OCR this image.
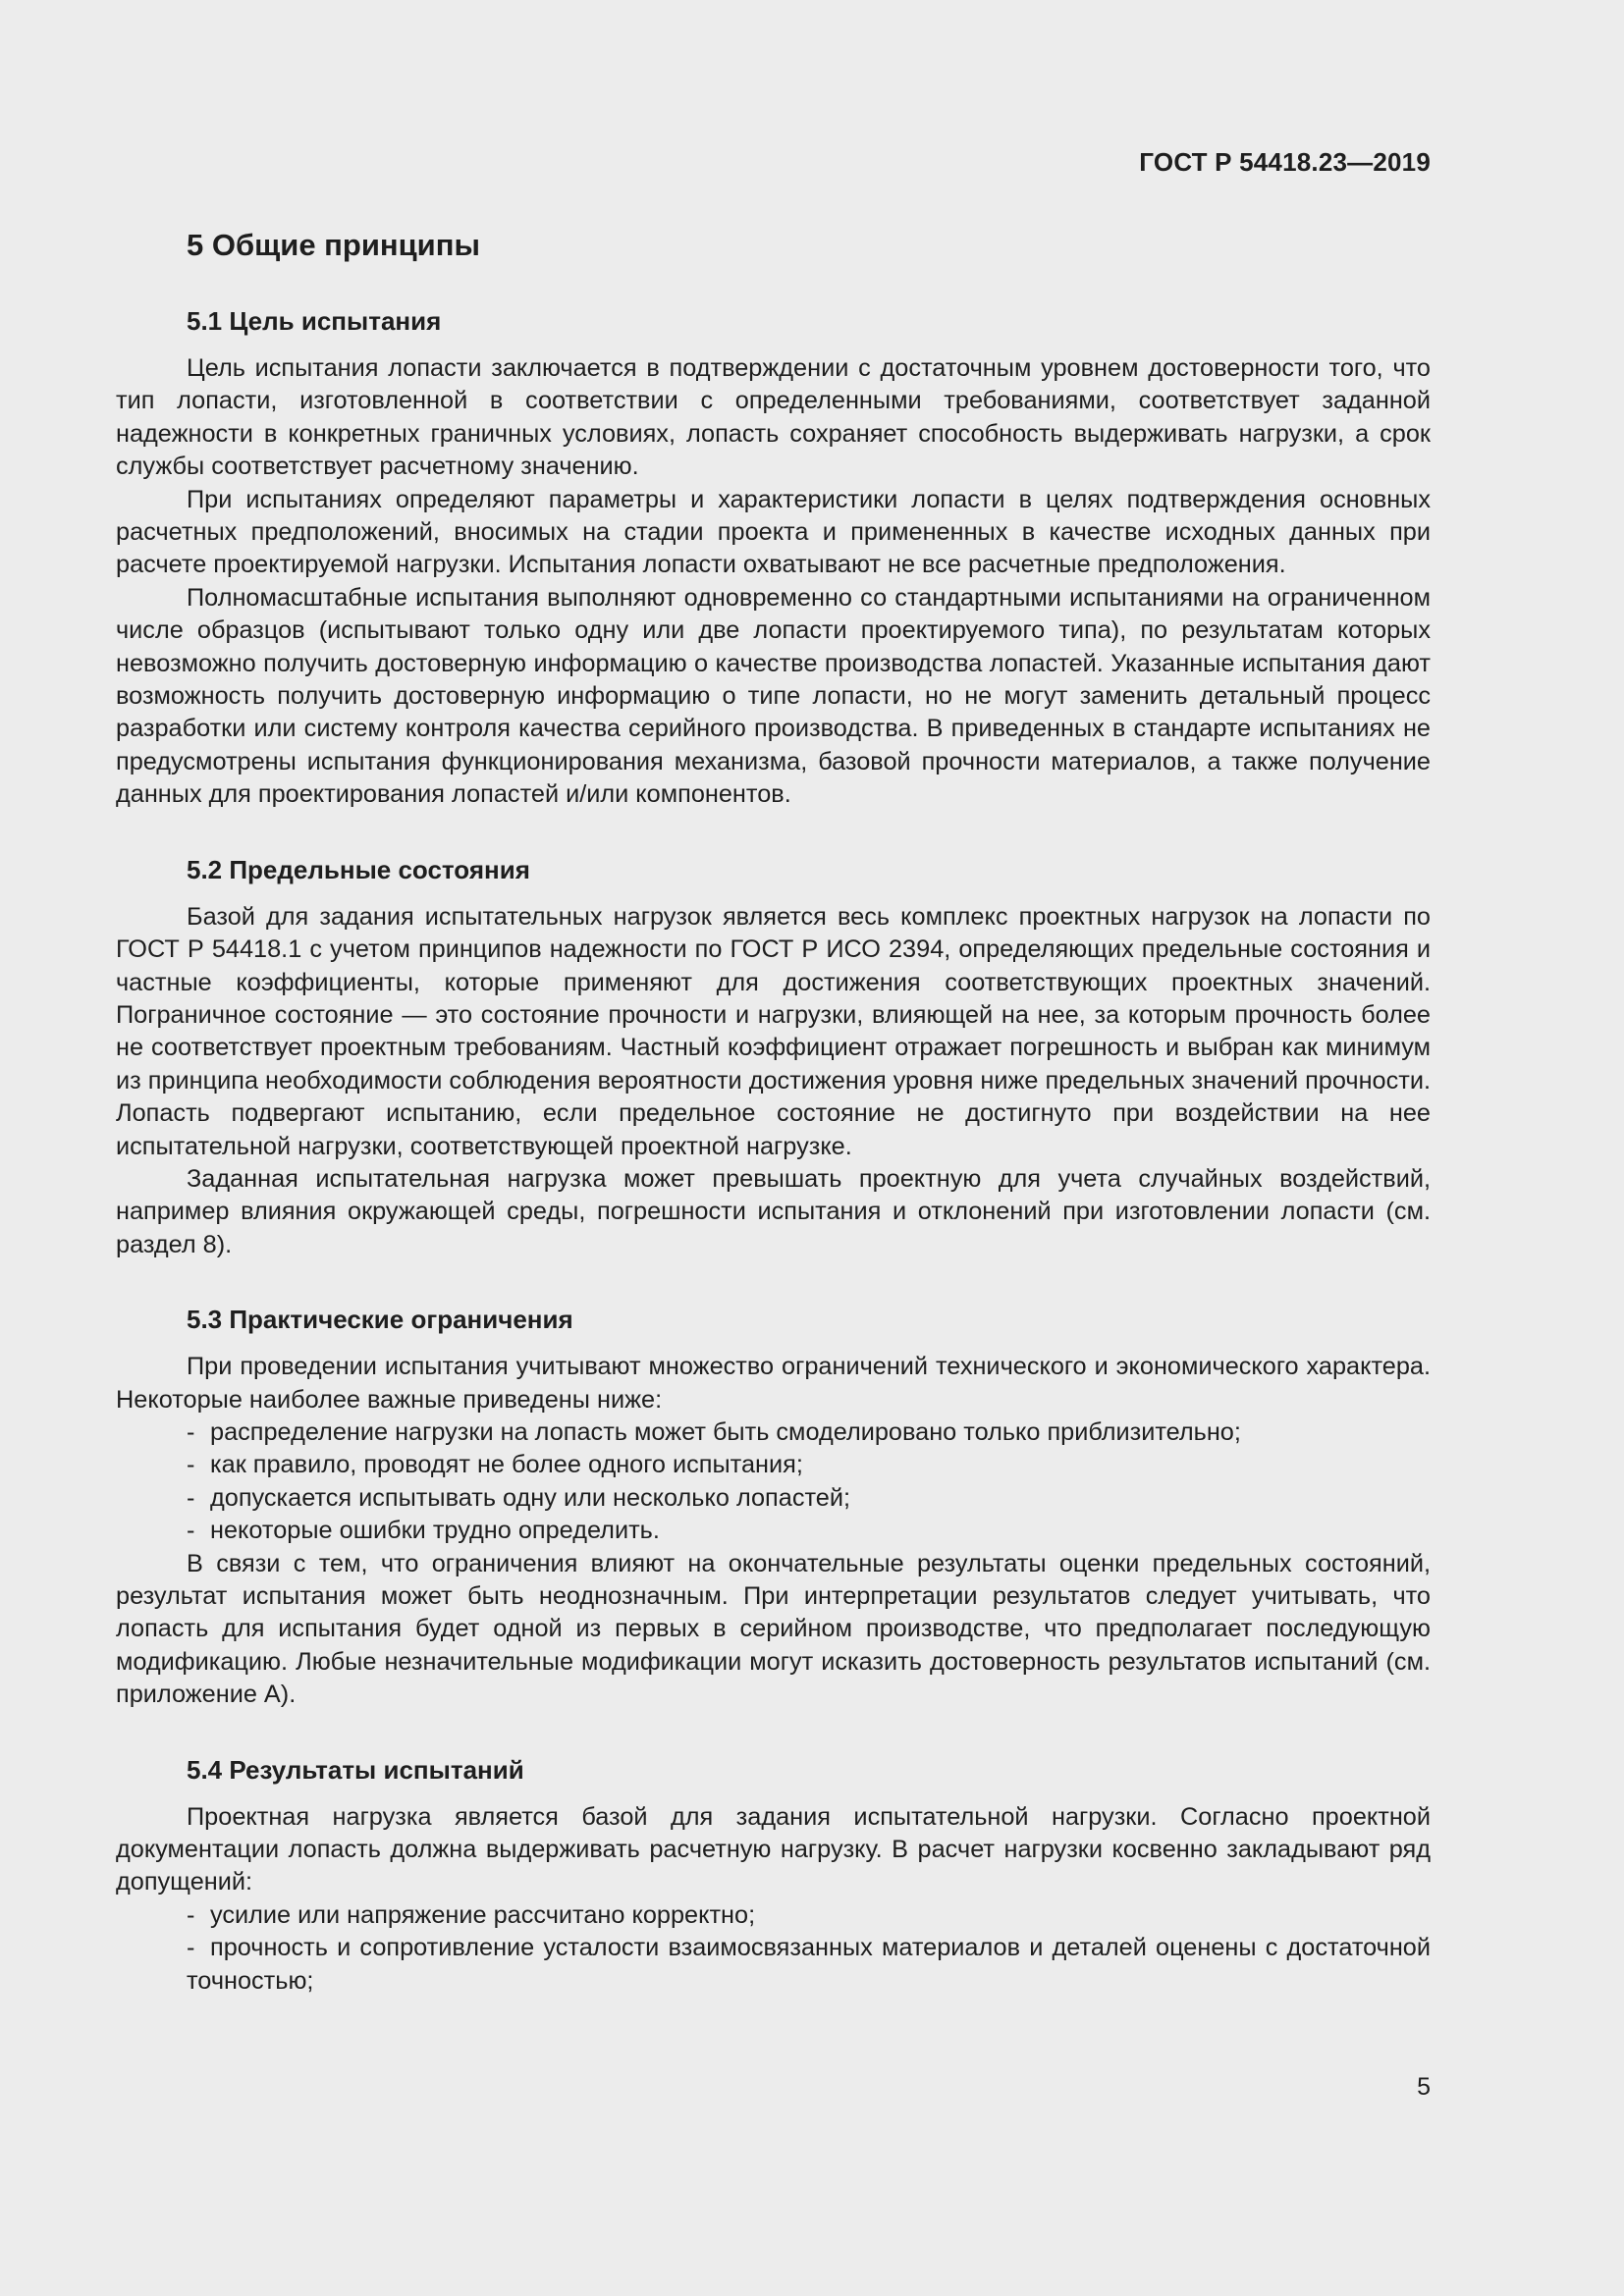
ГОСТ Р 54418.23—2019
5 Общие принципы
5.1 Цель испытания

Цель испытания лопасти заключается в подтверждении с достаточным уровнем достоверности того, что тип лопасти, изготовленной в соответствии с определенными требованиями, соответствует заданной надежности в конкретных граничных условиях, лопасть сохраняет способность выдерживать нагрузки, а срок службы соответствует расчетному значению.

При испытаниях определяют параметры и характеристики лопасти в целях подтверждения основных расчетных предположений, вносимых на стадии проекта и примененных в качестве исходных данных при расчете проектируемой нагрузки. Испытания лопасти охватывают не все расчетные предположения.

Полномасштабные испытания выполняют одновременно со стандартными испытаниями на ограниченном числе образцов (испытывают только одну или две лопасти проектируемого типа), по результатам которых невозможно получить достоверную информацию о качестве производства лопастей. Указанные испытания дают возможность получить достоверную информацию о типе лопасти, но не могут заменить детальный процесс разработки или систему контроля качества серийного производства. В приведенных в стандарте испытаниях не предусмотрены испытания функционирования механизма, базовой прочности материалов, а также получение данных для проектирования лопастей и/или компонентов.

5.2 Предельные состояния

Базой для задания испытательных нагрузок является весь комплекс проектных нагрузок на лопасти по ГОСТ Р 54418.1 с учетом принципов надежности по ГОСТ Р ИСО 2394, определяющих предельные состояния и частные коэффициенты, которые применяют для достижения соответствующих проектных значений. Пограничное состояние — это состояние прочности и нагрузки, влияющей на нее, за которым прочность более не соответствует проектным требованиям. Частный коэффициент отражает погрешность и выбран как минимум из принципа необходимости соблюдения вероятности достижения уровня ниже предельных значений прочности. Лопасть подвергают испытанию, если предельное состояние не достигнуто при воздействии на нее испытательной нагрузки, соответствующей проектной нагрузке.

Заданная испытательная нагрузка может превышать проектную для учета случайных воздействий, например влияния окружающей среды, погрешности испытания и отклонений при изготовлении лопасти (см. раздел 8).

5.3 Практические ограничения

При проведении испытания учитывают множество ограничений технического и экономического характера. Некоторые наиболее важные приведены ниже:

- распределение нагрузки на лопасть может быть смоделировано только приблизительно;
- как правило, проводят не более одного испытания;
- допускается испытывать одну или несколько лопастей;
- некоторые ошибки трудно определить.

В связи с тем, что ограничения влияют на окончательные результаты оценки предельных состояний, результат испытания может быть неоднозначным. При интерпретации результатов следует учитывать, что лопасть для испытания будет одной из первых в серийном производстве, что предполагает последующую модификацию. Любые незначительные модификации могут исказить достоверность результатов испытаний (см. приложение А).

5.4 Результаты испытаний

Проектная нагрузка является базой для задания испытательной нагрузки. Согласно проектной документации лопасть должна выдерживать расчетную нагрузку. В расчет нагрузки косвенно закладывают ряд допущений:

- усилие или напряжение рассчитано корректно;

- прочность и сопротивление усталости взаимосвязанных материалов и деталей оценены с достаточной точностью;

5
